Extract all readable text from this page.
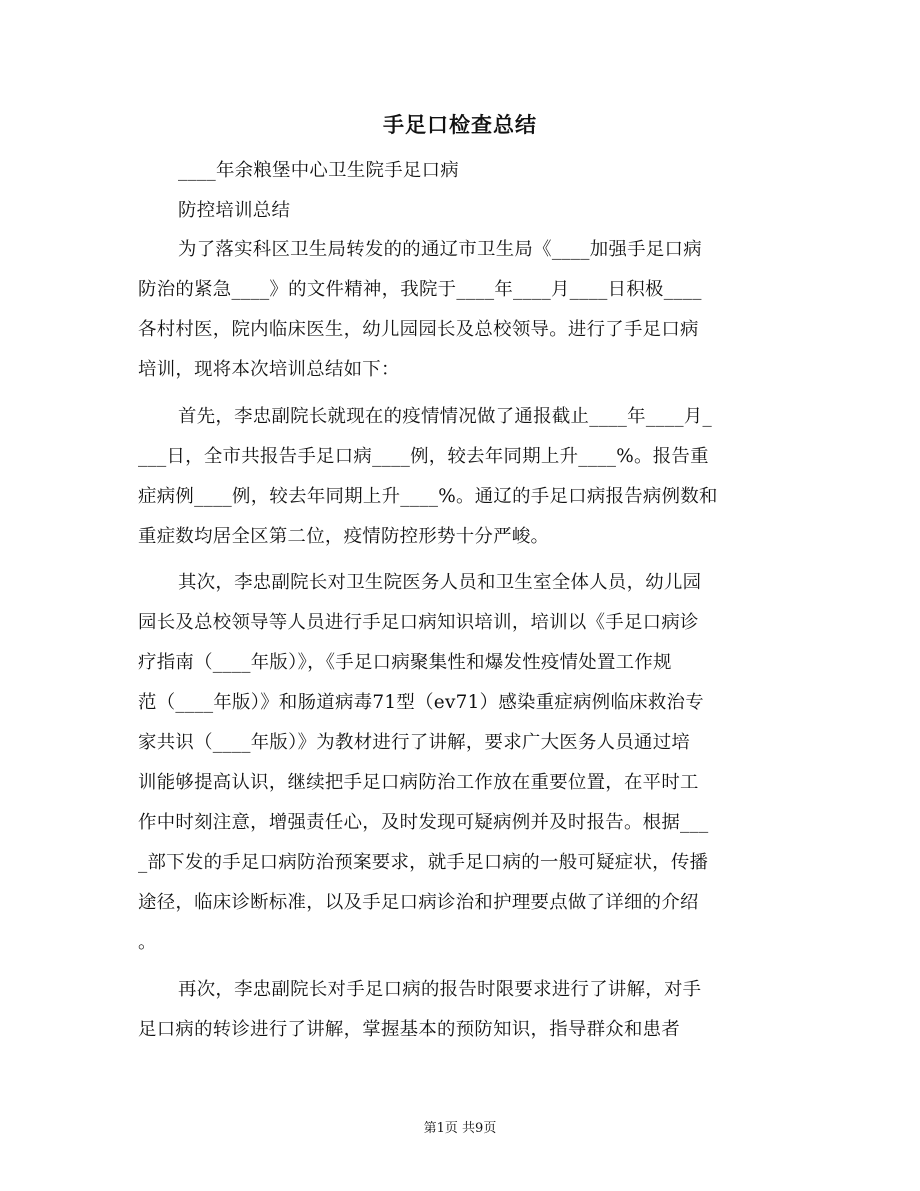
手足口检查总结
____年余粮堡中心卫生院手足口病
防控培训总结
为了落实科区卫生局转发的的通辽市卫生局《____加强手足口病
防治的紧急____》的文件精神，我院于____年____月____日积极____
各村村医，院内临床医生，幼儿园园长及总校领导。进行了手足口病
培训，现将本次培训总结如下：
首先，李忠副院长就现在的疫情情况做了通报截止____年____月_
___日，全市共报告手足口病____例，较去年同期上升____%。报告重
症病例____例，较去年同期上升____%。通辽的手足口病报告病例数和
重症数均居全区第二位，疫情防控形势十分严峻。
其次，李忠副院长对卫生院医务人员和卫生室全体人员，幼儿园
园长及总校领导等人员进行手足口病知识培训，培训以《手足口病诊
疗指南（____年版）》，《手足口病聚集性和爆发性疫情处置工作规
范（____年版）》和肠道病毒71型（ev71）感染重症病例临床救治专
家共识（____年版）》为教材进行了讲解，要求广大医务人员通过培
训能够提高认识，继续把手足口病防治工作放在重要位置，在平时工
作中时刻注意，增强责任心，及时发现可疑病例并及时报告。根据___
_部下发的手足口病防治预案要求，就手足口病的一般可疑症状，传播
途径，临床诊断标准，以及手足口病诊治和护理要点做了详细的介绍
。
再次，李忠副院长对手足口病的报告时限要求进行了讲解，对手
足口病的转诊进行了讲解，掌握基本的预防知识，指导群众和患者
第1页 共9页
